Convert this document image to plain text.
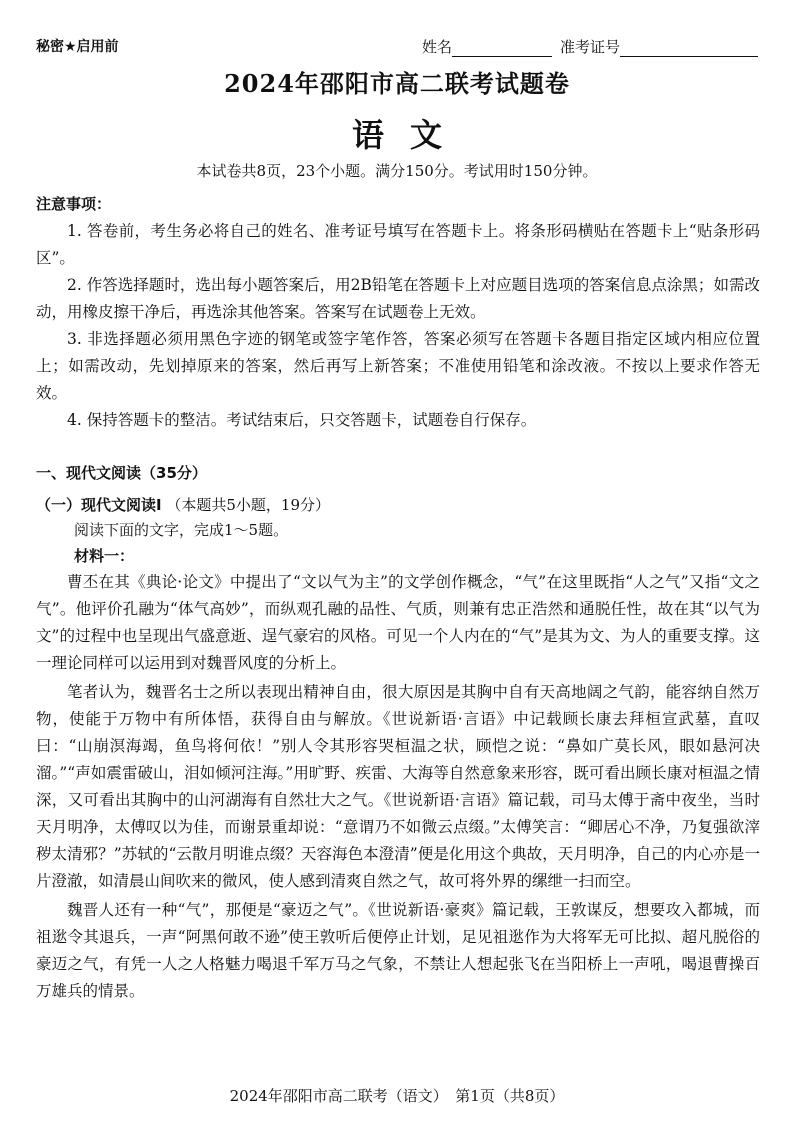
秘密★启用前	姓名	准考证号
2024年邵阳市高二联考试题卷
语文
本试卷共8页，23个小题。满分150分。考试用时150分钟。
注意事项：

1. 答卷前，考生务必将自己的姓名、准考证号填写在答题卡上。将条形码横贴在答题卡上“贴条形码区”。

2. 作答选择题时，选出每小题答案后，用2B铅笔在答题卡上对应题目选项的答案信息点涂黑；如需改动，用橡皮擦干净后，再选涂其他答案。答案写在试题卷上无效。

3. 非选择题必须用黑色字迹的钢笔或签字笔作答，答案必须写在答题卡各题目指定区域内相应位置上；如需改动，先划掉原来的答案，然后再写上新答案；不准使用铅笔和涂改液。不按以上要求作答无效。

4. 保持答题卡的整洁。考试结束后，只交答题卡，试题卷自行保存。

一、现代文阅读（35分）
（一）现代文阅读Ⅰ （本题共5小题，19分）
阅读下面的文字，完成1～5题。
材料一：

曹丕在其《典论·论文》中提出了“文以气为主”的文学创作概念，“气”在这里既指“人之气”又指“文之气”。他评价孔融为“体气高妙”，而纵观孔融的品性、气质，则兼有忠正浩然和通脱任性，故在其“以气为文”的过程中也呈现出气盛意逝、逞气豪宕的风格。可见一个人内在的“气”是其为文、为人的重要支撑。这一理论同样可以运用到对魏晋风度的分析上。

笔者认为，魏晋名士之所以表现出精神自由，很大原因是其胸中自有天高地阔之气韵，能容纳自然万物，使能于万物中有所体悟，获得自由与解放。《世说新语·言语》中记载顾长康去拜桓宣武墓，直叹曰：“山崩溟海竭，鱼鸟将何依！”别人令其形容哭桓温之状，顾恺之说：“鼻如广莫长风，眼如悬河决溜。”“声如震雷破山，泪如倾河注海。”用旷野、疾雷、大海等自然意象来形容，既可看出顾长康对桓温之情深，又可看出其胸中的山河湖海有自然壮大之气。《世说新语·言语》篇记载，司马太傅于斋中夜坐，当时天月明净，太傅叹以为佳，而谢景重却说：“意谓乃不如微云点缀。”太傅笑言：“卿居心不净，乃复强欲滓秽太清邪？”苏轼的“云散月明谁点缀？天容海色本澄清”便是化用这个典故，天月明净，自己的内心亦是一片澄澈，如清晨山间吹来的微风，使人感到清爽自然之气，故可将外界的缧绁一扫而空。

魏晋人还有一种“气”，那便是“豪迈之气”。《世说新语·豪爽》篇记载，王敦谋反，想要攻入都城，而祖逖令其退兵，一声“阿黑何敢不逊”使王敦听后便停止计划，足见祖逖作为大将军无可比拟、超凡脱俗的豪迈之气，有凭一人之人格魅力喝退千军万马之气象，不禁让人想起张飞在当阳桥上一声吼，喝退曹操百万雄兵的情景。

2024年邵阳市高二联考（语文）　第1页（共8页）
